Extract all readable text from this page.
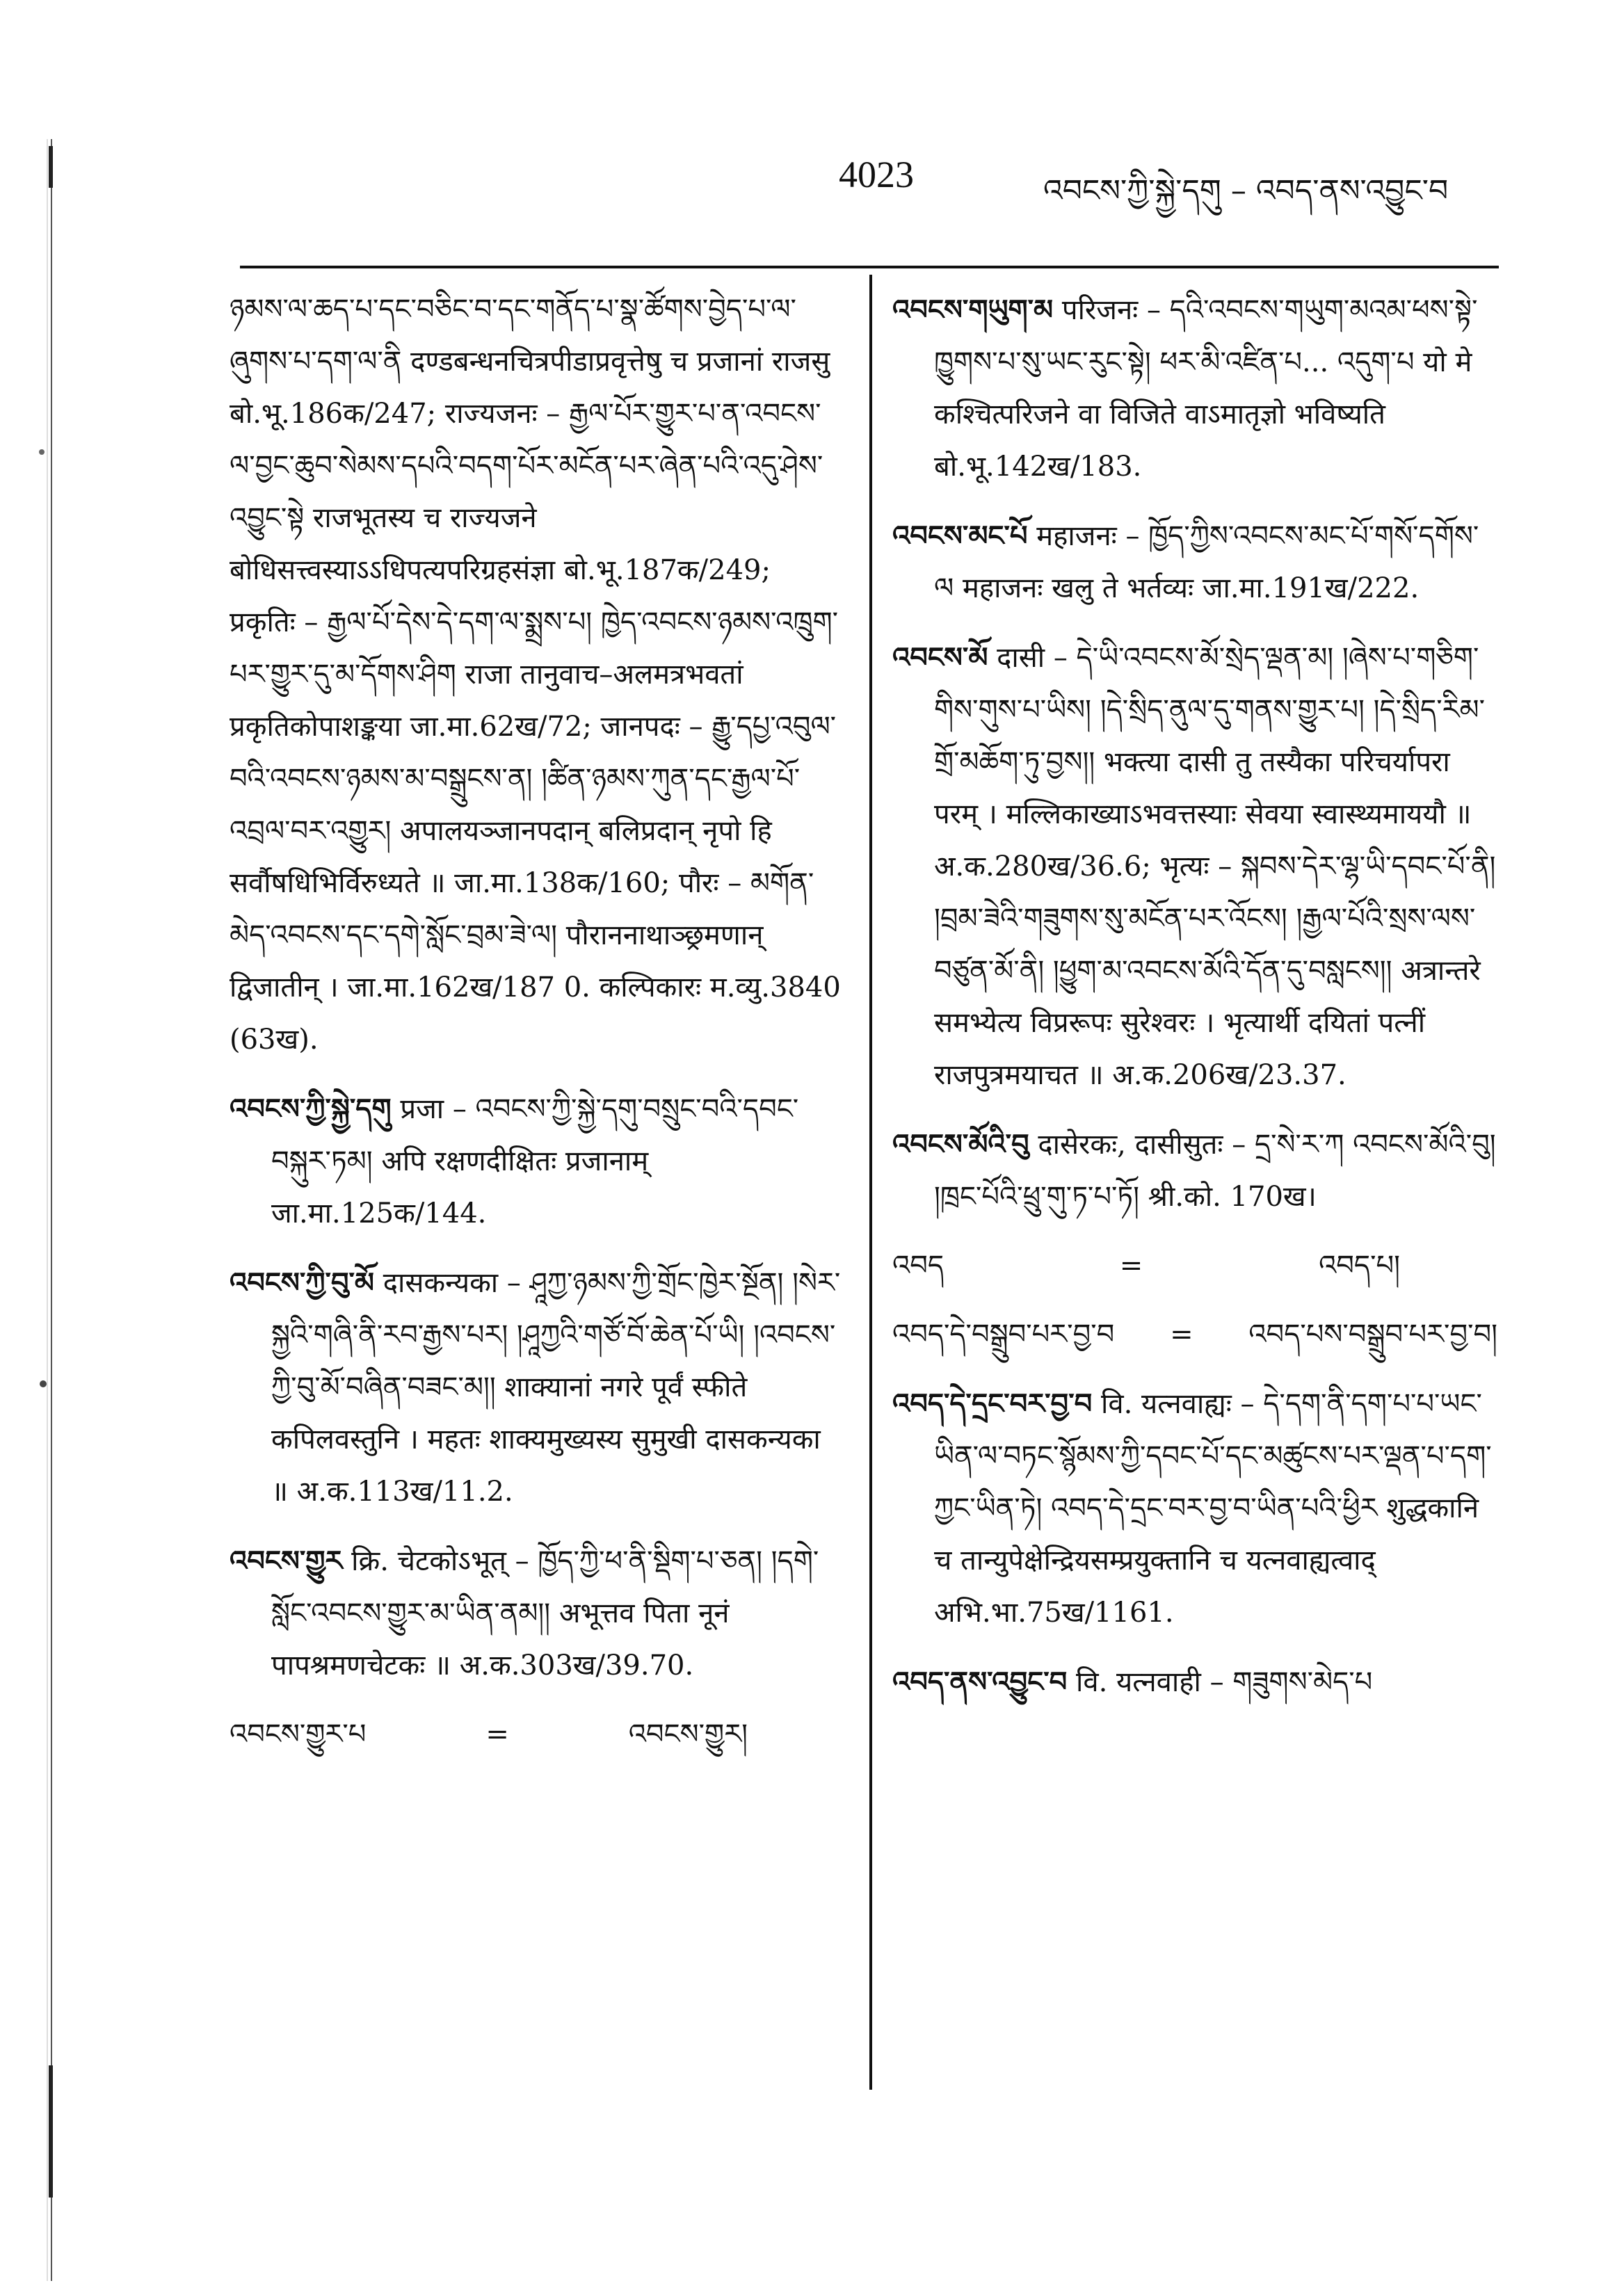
4023	འབངས་ཀྱི་སྐྱེ་དགུ – འབད་ནས་འབྱུང་བ

ཉམས་ལ་ཆད་པ་དང་བཅིང་བ་དང་གནོད་པ་སྣ་ཚོགས་བྱེད་པ་ལ་ཞུགས་པ་དག་ལ་ནི दण्डबन्धनचित्रपीडाप्रवृत्तेषु च प्रजानां राजसु बो.भू.186क/247; राज्यजनः – རྒྱལ་པོར་གྱུར་པ་ན་འབངས་ལ་བྱང་ཆུབ་སེམས་དཔའི་བདག་པོར་མངོན་པར་ཞེན་པའི་འདུ་ཤེས་འབྱུང་སྟེ राजभूतस्य च राज्यजने बोधिसत्त्वस्याऽऽधिपत्यपरिग्रहसंज्ञा बो.भू.187क/249; प्रकृतिः – རྒྱལ་པོ་དེས་དེ་དག་ལ་སྨྲས་པ། ཁྱེད་འབངས་ཉམས་འཁྲུག་པར་གྱུར་དུ་མ་དོགས་ཤིག राजा तानुवाच–अलमत्रभवतां प्रकृतिकोपाशङ्कया जा.मा.62ख/72; जानपदः – རྒྱུ་དཔྱ་འབུལ་བའི་འབངས་ཉམས་མ་བསྒྲུངས་ན། །ཚིན་ཉམས་ཀུན་དང་རྒྱལ་པོ་འབྲལ་བར་འགྱུར། अपालयञ्जानपदान् बलिप्रदान् नृपो हि सर्वौषधिभिर्विरुध्यते ॥ जा.मा.138क/160; पौरः – མགོན་མེད་འབངས་དང་དགེ་སློང་བྲམ་ཟེ་ལ། पौराननाथाञ्छ्रमणान् द्विजातीन् । जा.मा.162ख/187 0. कल्पिकारः म.व्यु.3840 (63ख).

འབངས་ཀྱི་སྐྱེ་དགུ प्रजा – འབངས་ཀྱི་སྐྱེ་དགུ་བསྲུང་བའི་དབང་བསྐུར་ཏམ། अपि रक्षणदीक्षितः प्रजानाम् जा.मा.125क/144.

འབངས་ཀྱི་བུ་མོ दासकन्यका – ཤཱཀྱ་ཉམས་ཀྱི་གྲོང་ཁྱེར་སྔོན། །སེར་སྐྱའི་གཞི་ནི་རབ་རྒྱས་པར། །ཤཱཀྱའི་གཙོ་བོ་ཆེན་པོ་ཡི། །འབངས་ཀྱི་བུ་མོ་བཞིན་བཟང་མ།། शाक्यानां नगरे पूर्वं स्फीते कपिलवस्तुनि । महतः शाक्यमुख्यस्य सुमुखी दासकन्यका ॥ अ.क.113ख/11.2.

འབངས་གྱུར क्रि. चेटकोऽभूत् – ཁྱོད་ཀྱི་ཕ་ནི་སྡིག་པ་ཅན། །དགེ་སློང་འབངས་གྱུར་མ་ཡིན་ནམ།། अभूत्तव पिता नूनं पापश्रमणचेटकः ॥ अ.क.303ख/39.70.

འབངས་གྱུར་པ	=	འབངས་གྱུར།

འབངས་གཡུག་མ परिजनः – དའི་འབངས་གཡུག་མའམ་ཕས་སྟེ་ཁྱུགས་པ་སུ་ཡང་རུང་སྟེ། ཕར་མི་འཛིན་པ... འདུག་པ यो मे कश्चित्परिजने वा विजिते वाऽमातृज्ञो भविष्यति बो.भू.142ख/183.

འབངས་མང་པོ महाजनः – ཁྱོད་ཀྱིས་འབངས་མང་པོ་གསོ་དགོས་ལ महाजनः खलु ते भर्तव्यः जा.मा.191ख/222.

འབངས་མོ दासी – དེ་ཡི་འབངས་མོ་སྲེད་ལྡན་མ། །ཞེས་པ་གཅིག་གིས་གུས་པ་ཡིས། །དེ་སྲིད་ནུལ་དུ་གནས་གྱུར་པ། །དེ་སྲིད་རིམ་གྲོ་མཆོག་ཏུ་བྱས།། भक्त्या दासी तु तस्यैका परिचर्यापरा परम् । मल्लिकाख्याऽभवत्तस्याः सेवया स्वास्थ्यमाययौ ॥ अ.क.280ख/36.6; भृत्यः – སྐབས་དེར་ལྷ་ཡི་དབང་པོ་ནི། །བྲམ་ཟེའི་གཟུགས་སུ་མངོན་པར་འོངས། །རྒྱལ་པོའི་སྲས་ལས་བཙུན་མོ་ནི། །ཕྱུག་མ་འབངས་མོའི་དོན་དུ་བསླངས།། अत्रान्तरे समभ्येत्य विप्ररूपः सुरेश्वरः । भृत्यार्थी दयितां पत्नीं राजपुत्रमयाचत ॥ अ.क.206ख/23.37.

འབངས་མོའི་བུ दासेरकः, दासीसुतः – དྲ་སེ་ར་ཀ འབངས་མོའི་བུ། །ཁྲང་པོའི་ཕྲུ་གུ་ཏ་པ་ཏོ། श्री.को. 170ख।

འབད	=	འབད་པ།
འབད་དེ་བསྒྲུབ་པར་བྱ་བ = འབད་པས་བསྒྲུབ་པར་བྱ་བ།

འབད་དེ་དྲང་བར་བྱ་བ वि. यत्नवाह्यः – དེ་དག་ནི་དག་པ་པ་ཡང་ཡིན་ལ་བཏང་སྙོམས་ཀྱི་དབང་པོ་དང་མཚུངས་པར་ལྡན་པ་དག་ཀྱང་ཡིན་ཏེ། འབད་དེ་དྲང་བར་བྱ་བ་ཡིན་པའི་ཕྱིར शुद्धकानि च तान्युपेक्षेन्द्रियसम्प्रयुक्तानि च यत्नवाह्यत्वाद् अभि.भा.75ख/1161.

འབད་ནས་འབྱུང་བ वि. यत्नवाही – གཟུགས་མེད་པ
